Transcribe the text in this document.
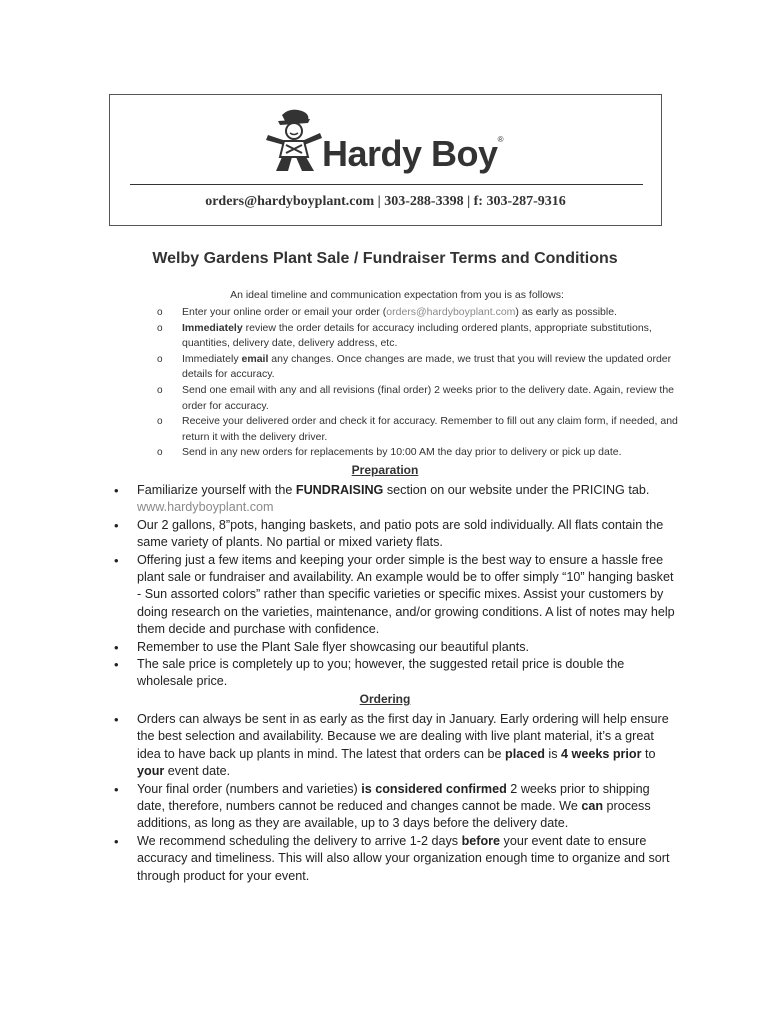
Hardy Boy®
orders@hardyboyplant.com | 303-288-3398 | f: 303-287-9316
Welby Gardens Plant Sale / Fundraiser Terms and Conditions
An ideal timeline and communication expectation from you is as follows:
o Enter your online order or email your order (orders@hardyboyplant.com) as early as possible.
o Immediately review the order details for accuracy including ordered plants, appropriate substitutions, quantities, delivery date, delivery address, etc.
o Immediately email any changes. Once changes are made, we trust that you will review the updated order details for accuracy.
o Send one email with any and all revisions (final order) 2 weeks prior to the delivery date. Again, review the order for accuracy.
o Receive your delivered order and check it for accuracy. Remember to fill out any claim form, if needed, and return it with the delivery driver.
o Send in any new orders for replacements by 10:00 AM the day prior to delivery or pick up date.
Preparation
• Familiarize yourself with the FUNDRAISING section on our website under the PRICING tab.
www.hardyboyplant.com
• Our 2 gallons, 8”pots, hanging baskets, and patio pots are sold individually. All flats contain the same variety of plants. No partial or mixed variety flats.
• Offering just a few items and keeping your order simple is the best way to ensure a hassle free plant sale or fundraiser and availability. An example would be to offer simply “10” hanging basket - Sun assorted colors” rather than specific varieties or specific mixes. Assist your customers by doing research on the varieties, maintenance, and/or growing conditions. A list of notes may help them decide and purchase with confidence.
• Remember to use the Plant Sale flyer showcasing our beautiful plants.
• The sale price is completely up to you; however, the suggested retail price is double the wholesale price.
Ordering
• Orders can always be sent in as early as the first day in January. Early ordering will help ensure the best selection and availability. Because we are dealing with live plant material, it’s a great idea to have back up plants in mind. The latest that orders can be placed is 4 weeks prior to your event date.
• Your final order (numbers and varieties) is considered confirmed 2 weeks prior to shipping date, therefore, numbers cannot be reduced and changes cannot be made. We can process additions, as long as they are available, up to 3 days before the delivery date.
• We recommend scheduling the delivery to arrive 1-2 days before your event date to ensure accuracy and timeliness. This will also allow your organization enough time to organize and sort through product for your event.
